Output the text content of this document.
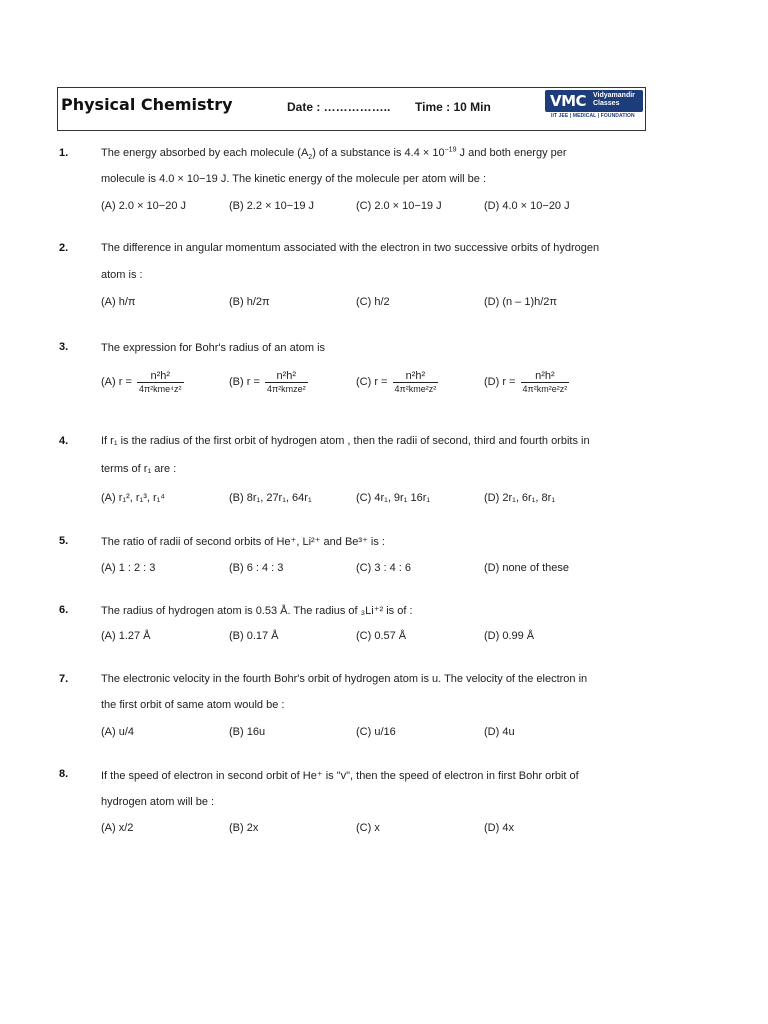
Physical Chemistry	Date : …………….. Time : 10 Min	VMC Vidyamandir
Classes
IIT JEE | MEDICAL | FOUNDATION
1.	The energy absorbed by each molecule $(A_2)$ of a substance is $4.4 \times 10^{-19}$ J and both energy per
molecule is 4.0 × 10−19 J. The kinetic energy of the molecule per atom will be :
(A) 2.0 × 10−20 J	(B) 2.2 × 10−19 J	(C) 2.0 × 10−19 J	(D) 4.0 × 10−20 J
2.	The difference in angular momentum associated with the electron in two successive orbits of hydrogen
atom is :
(A) h/π	(B) h/2π	(C) h/2	(D) (n – 1)h/2π
3.	The expression for Bohr's radius of an atom is
(A) $r = \frac{\text{n²h²}}{\text{4π²kme⁴z²}}$	(B) $r = \frac{\text{n²h²}}{\text{4π²kmze²}}$	(C) $r = \frac{\text{n²h²}}{\text{4π²kme²z²}}$	(D) $r = \frac{\text{n²h²}}{\text{4π²km²e²z²}}$
4.	If r₁ is the radius of the first orbit of hydrogen atom , then the radii of second, third and fourth orbits in
terms of r₁ are :
(A) r₁², r₁³, r₁⁴	(B) 8r₁, 27r₁, 64r₁	(C) 4r₁, 9r₁ 16r₁	(D) 2r₁, 6r₁, 8r₁
5.	The ratio of radii of second orbits of He⁺, Li²⁺ and Be³⁺ is :
(A) 1 : 2 : 3	(B) 6 : 4 : 3	(C) 3 : 4 : 6	(D) none of these
6.	The radius of hydrogen atom is 0.53 Å. The radius of ₃Li⁺² is of :
(A) 1.27 Å	(B) 0.17 Å	(C) 0.57 Å	(D) 0.99 Å
7.	The electronic velocity in the fourth Bohr's orbit of hydrogen atom is u. The velocity of the electron in
the first orbit of same atom would be :
(A) u/4	(B) 16u	(C) u/16	(D) 4u
8.	If the speed of electron in second orbit of He⁺ is "v", then the speed of electron in first Bohr orbit of
hydrogen atom will be :
(A) x/2	(B) 2x	(C) x	(D) 4x
